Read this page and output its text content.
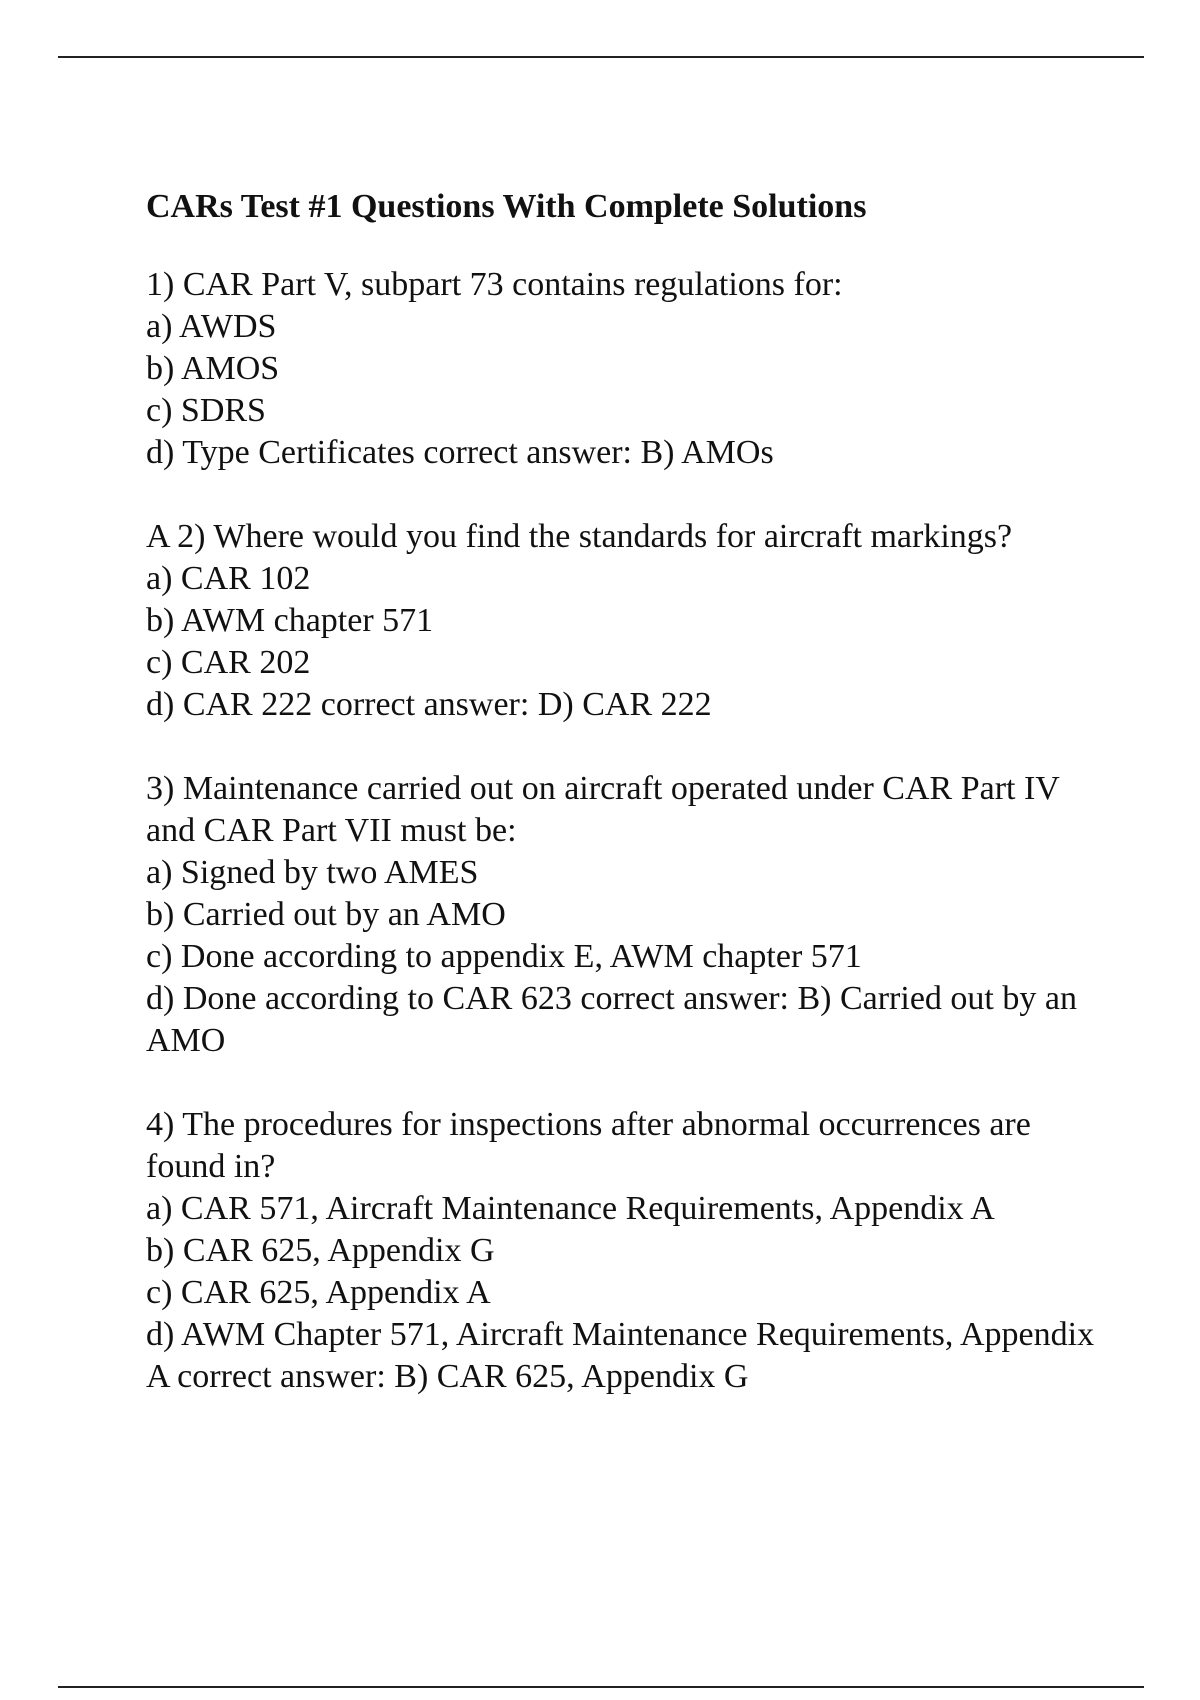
CARs Test #1 Questions With Complete Solutions

1) CAR Part V, subpart 73 contains regulations for:

a) AWDS

b) AMOS

c) SDRS

d) Type Certificates correct answer: B) AMOs

A 2) Where would you find the standards for aircraft markings?

a) CAR 102

b) AWM chapter 571

c) CAR 202

d) CAR 222 correct answer: D) CAR 222

3) Maintenance carried out on aircraft operated under CAR Part IV and CAR Part VII must be:

a) Signed by two AMES

b) Carried out by an AMO

c) Done according to appendix E, AWM chapter 571

d) Done according to CAR 623 correct answer: B) Carried out by an AMO

4) The procedures for inspections after abnormal occurrences are found in?

a) CAR 571, Aircraft Maintenance Requirements, Appendix A

b) CAR 625, Appendix G

c) CAR 625, Appendix A

d) AWM Chapter 571, Aircraft Maintenance Requirements, Appendix A correct answer: B) CAR 625, Appendix G
